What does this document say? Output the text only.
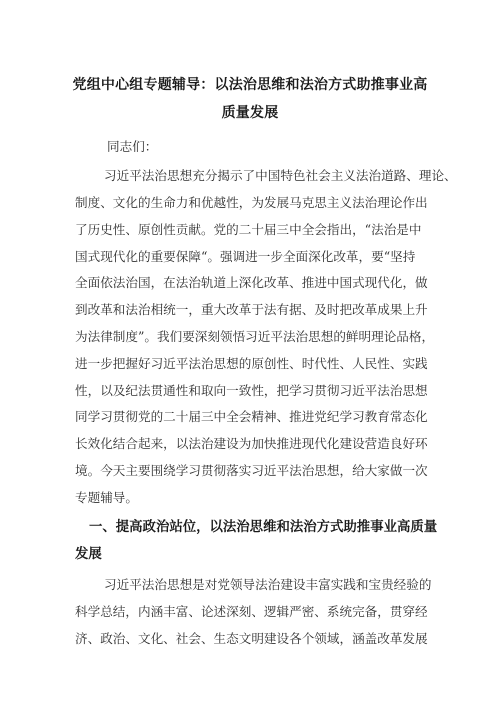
党组中心组专题辅导：以法治思维和法治方式助推事业高
质量发展
同志们：
习近平法治思想充分揭示了中国特色社会主义法治道路、理论、
制度、文化的生命力和优越性，为发展马克思主义法治理论作出
了历史性、原创性贡献。党的二十届三中全会指出，“法治是中
国式现代化的重要保障“。强调进一步全面深化改革，要“坚持
全面依法治国，在法治轨道上深化改革、推进中国式现代化，做
到改革和法治相统一，重大改革于法有据、及时把改革成果上升
为法律制度”。我们要深刻领悟习近平法治思想的鲜明理论品格，
进一步把握好习近平法治思想的原创性、时代性、人民性、实践
性，以及纪法贯通性和取向一致性，把学习贯彻习近平法治思想
同学习贯彻党的二十届三中全会精神、推进党纪学习教育常态化
长效化结合起来，以法治建设为加快推进现代化建设营造良好环
境。今天主要围绕学习贯彻落实习近平法治思想，给大家做一次
专题辅导。
一、提高政治站位，以法治思维和法治方式助推事业高质量
发展
习近平法治思想是对党领导法治建设丰富实践和宝贵经验的
科学总结，内涵丰富、论述深刻、逻辑严密、系统完备，贯穿经
济、政治、文化、社会、生态文明建设各个领域，涵盖改革发展
